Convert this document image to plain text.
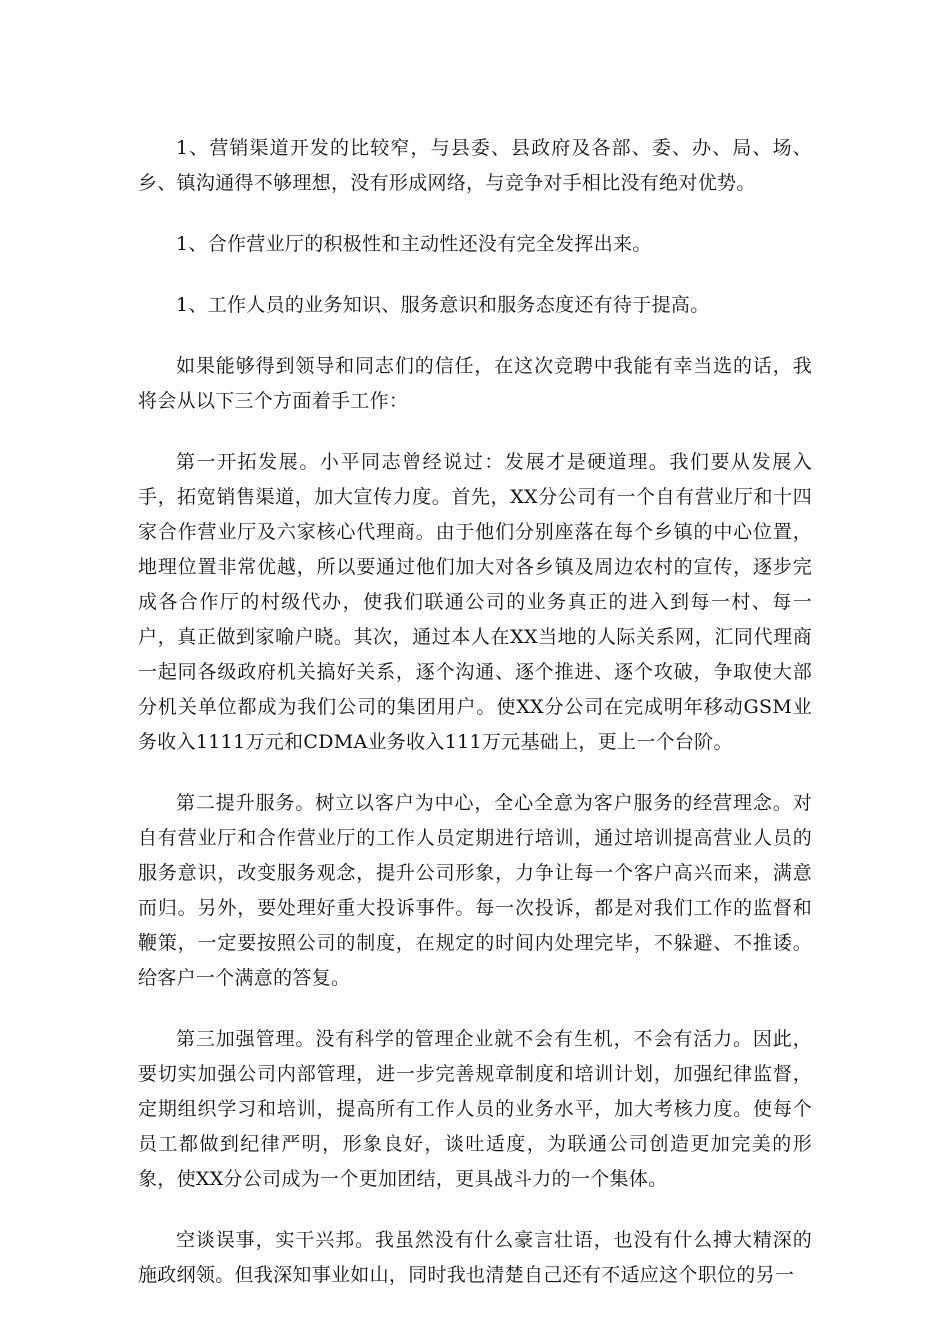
1、营销渠道开发的比较窄，与县委、县政府及各部、委、办、局、场、乡、镇沟通得不够理想，没有形成网络，与竞争对手相比没有绝对优势。

1、合作营业厅的积极性和主动性还没有完全发挥出来。

1、工作人员的业务知识、服务意识和服务态度还有待于提高。

如果能够得到领导和同志们的信任，在这次竞聘中我能有幸当选的话，我将会从以下三个方面着手工作：

第一开拓发展。小平同志曾经说过：发展才是硬道理。我们要从发展入手，拓宽销售渠道，加大宣传力度。首先，XX分公司有一个自有营业厅和十四家合作营业厅及六家核心代理商。由于他们分别座落在每个乡镇的中心位置，地理位置非常优越，所以要通过他们加大对各乡镇及周边农村的宣传，逐步完成各合作厅的村级代办，使我们联通公司的业务真正的进入到每一村、每一户，真正做到家喻户晓。其次，通过本人在XX当地的人际关系网，汇同代理商一起同各级政府机关搞好关系，逐个沟通、逐个推进、逐个攻破，争取使大部分机关单位都成为我们公司的集团用户。使XX分公司在完成明年移动GSM业务收入1111万元和CDMA业务收入111万元基础上，更上一个台阶。

第二提升服务。树立以客户为中心，全心全意为客户服务的经营理念。对自有营业厅和合作营业厅的工作人员定期进行培训，通过培训提高营业人员的服务意识，改变服务观念，提升公司形象，力争让每一个客户高兴而来，满意而归。另外，要处理好重大投诉事件。每一次投诉，都是对我们工作的监督和鞭策，一定要按照公司的制度，在规定的时间内处理完毕，不躲避、不推诿。给客户一个满意的答复。

第三加强管理。没有科学的管理企业就不会有生机，不会有活力。因此，要切实加强公司内部管理，进一步完善规章制度和培训计划，加强纪律监督，定期组织学习和培训，提高所有工作人员的业务水平，加大考核力度。使每个员工都做到纪律严明，形象良好，谈吐适度，为联通公司创造更加完美的形象，使XX分公司成为一个更加团结，更具战斗力的一个集体。

空谈误事，实干兴邦。我虽然没有什么豪言壮语，也没有什么搏大精深的施政纲领。但我深知事业如山，同时我也清楚自己还有不适应这个职位的另一
